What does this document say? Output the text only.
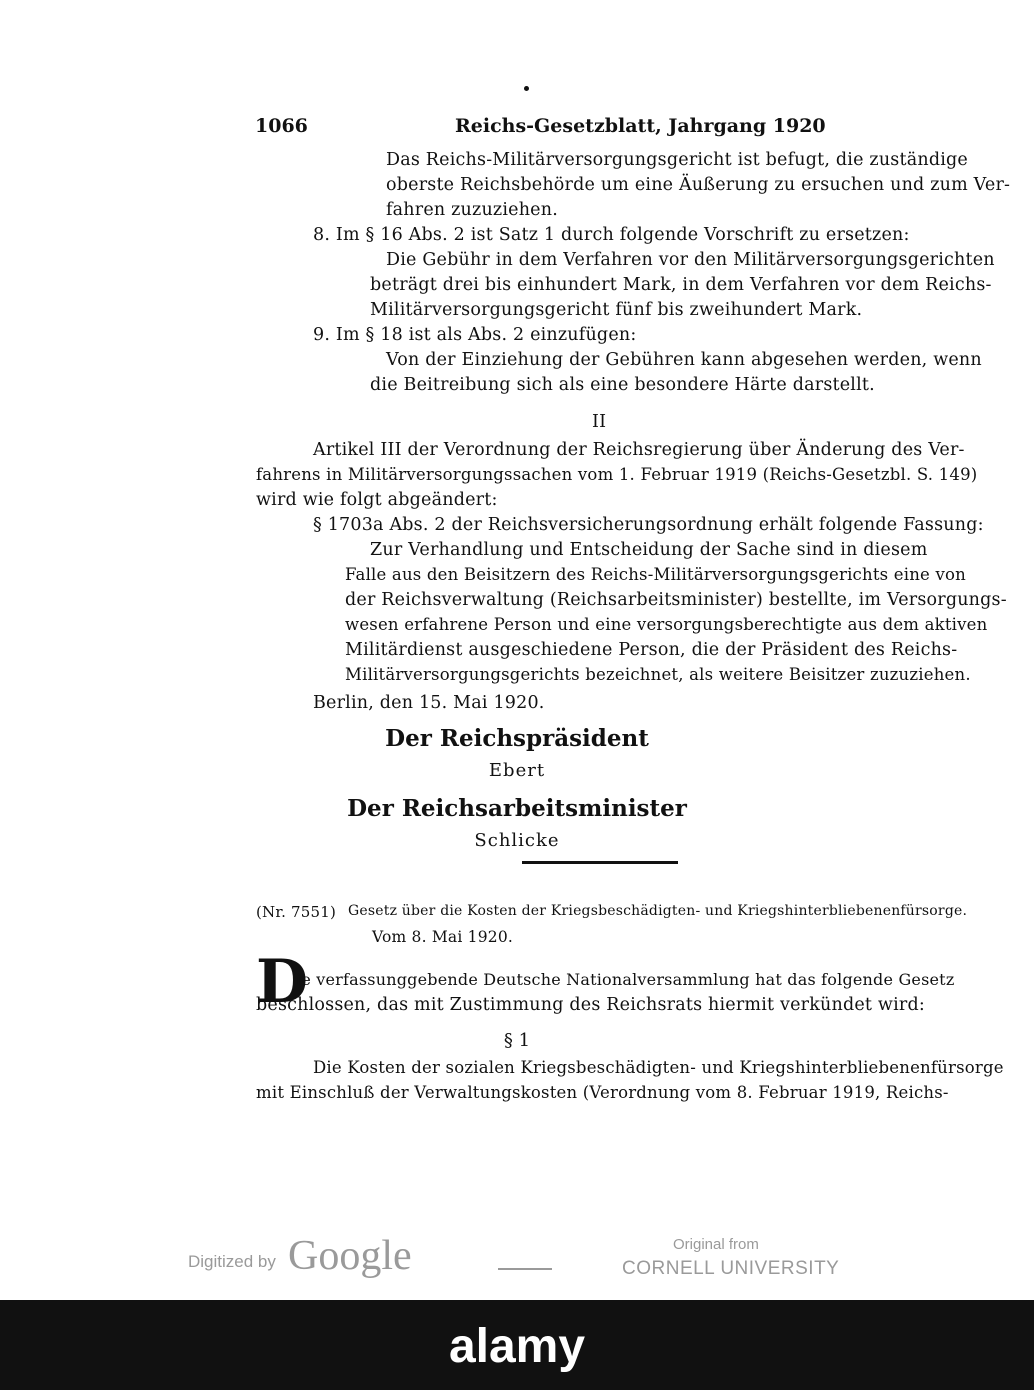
1066	Reichs-Gesetzblatt, Jahrgang 1920
Das Reichs-Militärversorgungsgericht ist befugt, die zuständige
oberste Reichsbehörde um eine Äußerung zu ersuchen und zum Ver-
fahren zuzuziehen.
8. Im § 16 Abs. 2 ist Satz 1 durch folgende Vorschrift zu ersetzen:
Die Gebühr in dem Verfahren vor den Militärversorgungsgerichten
beträgt drei bis einhundert Mark, in dem Verfahren vor dem Reichs-
Militärversorgungsgericht fünf bis zweihundert Mark.
9. Im § 18 ist als Abs. 2 einzufügen:
Von der Einziehung der Gebühren kann abgesehen werden, wenn
die Beitreibung sich als eine besondere Härte darstellt.
II
Artikel III der Verordnung der Reichsregierung über Änderung des Ver-
fahrens in Militärversorgungssachen vom 1. Februar 1919 (Reichs-Gesetzbl. S. 149)
wird wie folgt abgeändert:
§ 1703a Abs. 2 der Reichsversicherungsordnung erhält folgende Fassung:
Zur Verhandlung und Entscheidung der Sache sind in diesem
Falle aus den Beisitzern des Reichs-Militärversorgungsgerichts eine von
der Reichsverwaltung (Reichsarbeitsminister) bestellte, im Versorgungs-
wesen erfahrene Person und eine versorgungsberechtigte aus dem aktiven
Militärdienst ausgeschiedene Person, die der Präsident des Reichs-
Militärversorgungsgerichts bezeichnet, als weitere Beisitzer zuzuziehen.
Berlin, den 15. Mai 1920.
Der Reichspräsident
Ebert
Der Reichsarbeitsminister
Schlicke
(Nr. 7551) Gesetz über die Kosten der Kriegsbeschädigten- und Kriegshinterbliebenenfürsorge.
Vom 8. Mai 1920.
D
ie verfassunggebende Deutsche Nationalversammlung hat das folgende Gesetz
beschlossen, das mit Zustimmung des Reichsrats hiermit verkündet wird:
§ 1
Die Kosten der sozialen Kriegsbeschädigten- und Kriegshinterbliebenenfürsorge
mit Einschluß der Verwaltungskosten (Verordnung vom 8. Februar 1919, Reichs-
Digitized by Google	Original from
CORNELL UNIVERSITY
alamy
